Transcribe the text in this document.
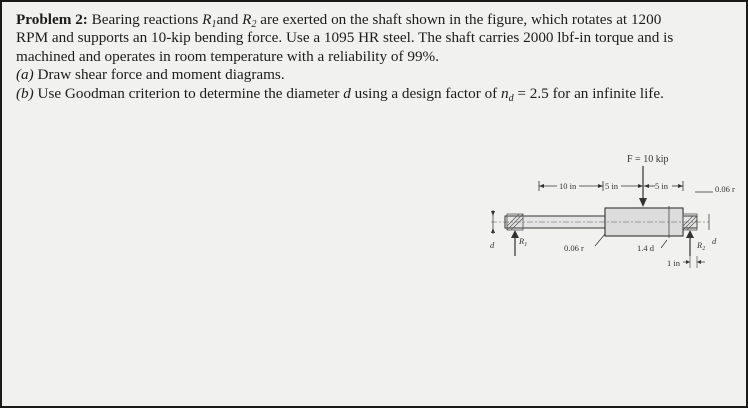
Problem 2: Bearing reactions $R_1and$ $R_2$ are exerted on the shaft shown in the figure, which rotates at 1200

RPM and supports an 10-kip bending force. Use a 1095 HR steel. The shaft carries 2000 lbf-in torque and is

machined and operates in room temperature with a reliability of 99%.

(a) Draw shear force and moment diagrams.

(b) Use Goodman criterion to determine the diameter d using a design factor of $n_d = 2.5$ for an infinite life.

F = 10 kip
10 in	5 in	5 in	0.06 r
d	$R_1$	0.06 r	1.4 d	$R_2$
d
1 in
